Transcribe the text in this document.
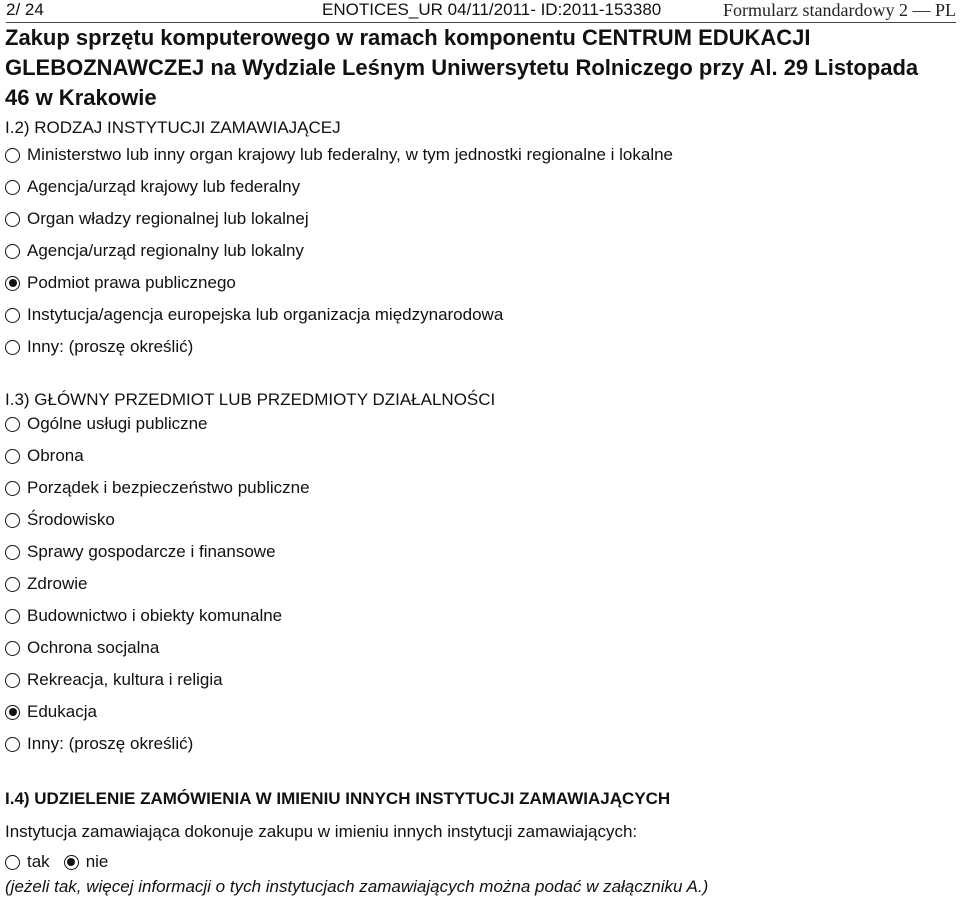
2/ 24	ENOTICES_UR 04/11/2011- ID:2011-153380	Formularz standardowy 2 — PL
Zakup sprzętu komputerowego w ramach komponentu CENTRUM EDUKACJI GLEBOZNAWCZEJ na Wydziale Leśnym Uniwersytetu Rolniczego przy Al. 29 Listopada 46 w Krakowie
I.2) RODZAJ INSTYTUCJI ZAMAWIAJĄCEJ
Ministerstwo lub inny organ krajowy lub federalny, w tym jednostki regionalne i lokalne
Agencja/urząd krajowy lub federalny
Organ władzy regionalnej lub lokalnej
Agencja/urząd regionalny lub lokalny
Podmiot prawa publicznego
Instytucja/agencja europejska lub organizacja międzynarodowa
Inny: (proszę określić)
I.3) GŁÓWNY PRZEDMIOT LUB PRZEDMIOTY DZIAŁALNOŚCI
Ogólne usługi publiczne
Obrona
Porządek i bezpieczeństwo publiczne
Środowisko
Sprawy gospodarcze i finansowe
Zdrowie
Budownictwo i obiekty komunalne
Ochrona socjalna
Rekreacja, kultura i religia
Edukacja
Inny: (proszę określić)
I.4) UDZIELENIE ZAMÓWIENIA W IMIENIU INNYCH INSTYTUCJI ZAMAWIAJĄCYCH
Instytucja zamawiająca dokonuje zakupu w imieniu innych instytucji zamawiających:
tak nie
(jeżeli tak, więcej informacji o tych instytucjach zamawiających można podać w załączniku A.)
